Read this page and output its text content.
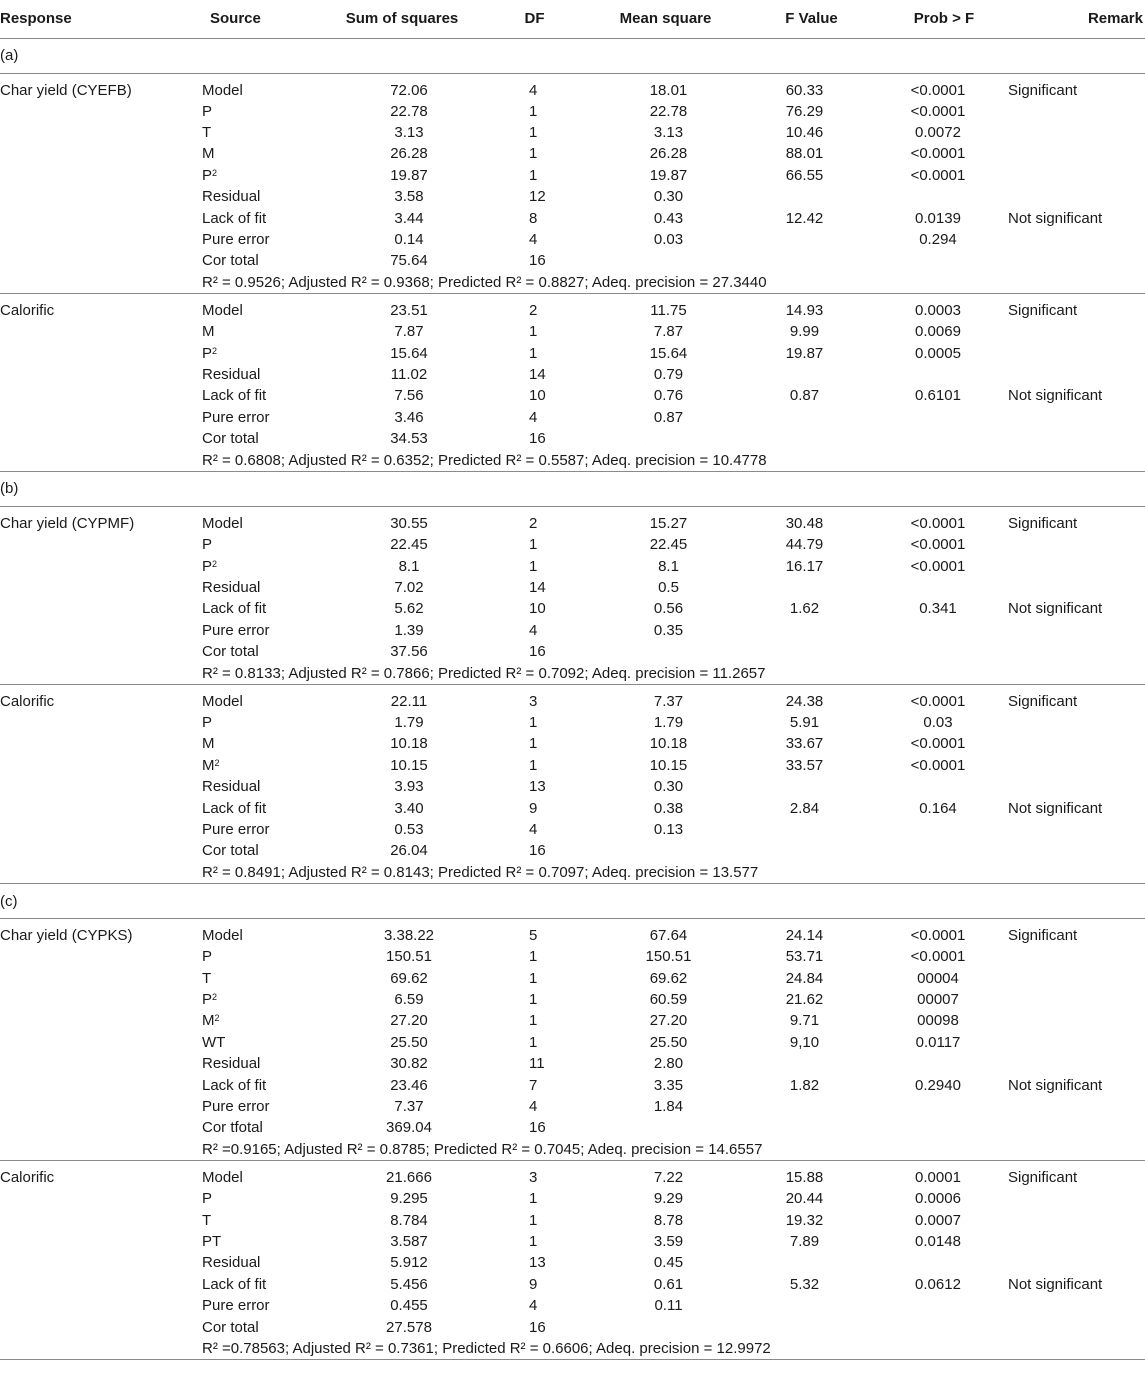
Response	Source	Sum of squares	DF	Mean square	F Value	Prob > F	Remark
(a)							
Char yield (CYEFB)	Model	72.06	4	18.01	60.33	<0.0001	Significant
	P	22.78	1	22.78	76.29	<0.0001	
	T	3.13	1	3.13	10.46	0.0072	
	M	26.28	1	26.28	88.01	<0.0001	
	$P^2$	19.87	1	19.87	66.55	<0.0001	
	Residual	3.58	12	0.30			
	Lack of fit	3.44	8	0.43	12.42	0.0139	Not significant
	Pure error	0.14	4	0.03		0.294	
	Cor total	75.64	16				
	R² = 0.9526; Adjusted R² = 0.9368; Predicted R² = 0.8827; Adeq. precision = 27.3440						
Calorific	Model	23.51	2	11.75	14.93	0.0003	Significant
	M	7.87	1	7.87	9.99	0.0069	
	$P^2$	15.64	1	15.64	19.87	0.0005	
	Residual	11.02	14	0.79			
	Lack of fit	7.56	10	0.76	0.87	0.6101	Not significant
	Pure error	3.46	4	0.87			
	Cor total	34.53	16				
	R² = 0.6808; Adjusted R² = 0.6352; Predicted R² = 0.5587; Adeq. precision = 10.4778						
(b)							
Char yield (CYPMF)	Model	30.55	2	15.27	30.48	<0.0001	Significant
	P	22.45	1	22.45	44.79	<0.0001	
	$P^2$	8.1	1	8.1	16.17	<0.0001	
	Residual	7.02	14	0.5			
	Lack of fit	5.62	10	0.56	1.62	0.341	Not significant
	Pure error	1.39	4	0.35			
	Cor total	37.56	16				
	R² = 0.8133; Adjusted R² = 0.7866; Predicted R² = 0.7092; Adeq. precision = 11.2657						
Calorific	Model	22.11	3	7.37	24.38	<0.0001	Significant
	P	1.79	1	1.79	5.91	0.03	
	M	10.18	1	10.18	33.67	<0.0001	
	$M^2$	10.15	1	10.15	33.57	<0.0001	
	Residual	3.93	13	0.30			
	Lack of fit	3.40	9	0.38	2.84	0.164	Not significant
	Pure error	0.53	4	0.13			
	Cor total	26.04	16				
	R² = 0.8491; Adjusted R² = 0.8143; Predicted R² = 0.7097; Adeq. precision = 13.577						
(c)							
Char yield (CYPKS)	Model	3.38.22	5	67.64	24.14	<0.0001	Significant
	P	150.51	1	150.51	53.71	<0.0001	
	T	69.62	1	69.62	24.84	00004	
	$P^2$	6.59	1	60.59	21.62	00007	
	$M^2$	27.20	1	27.20	9.71	00098	
	WT	25.50	1	25.50	9,10	0.0117	
	Residual	30.82	11	2.80			
	Lack of fit	23.46	7	3.35	1.82	0.2940	Not significant
	Pure error	7.37	4	1.84			
	Cor tfotal	369.04	16				
	R² =0.9165; Adjusted R² = 0.8785; Predicted R² = 0.7045; Adeq. precision = 14.6557						
Calorific	Model	21.666	3	7.22	15.88	0.0001	Significant
	P	9.295	1	9.29	20.44	0.0006	
	T	8.784	1	8.78	19.32	0.0007	
	PT	3.587	1	3.59	7.89	0.0148	
	Residual	5.912	13	0.45			
	Lack of fit	5.456	9	0.61	5.32	0.0612	Not significant
	Pure error	0.455	4	0.11			
	Cor total	27.578	16				
	R² =0.78563; Adjusted R² = 0.7361; Predicted R² = 0.6606; Adeq. precision = 12.9972						
